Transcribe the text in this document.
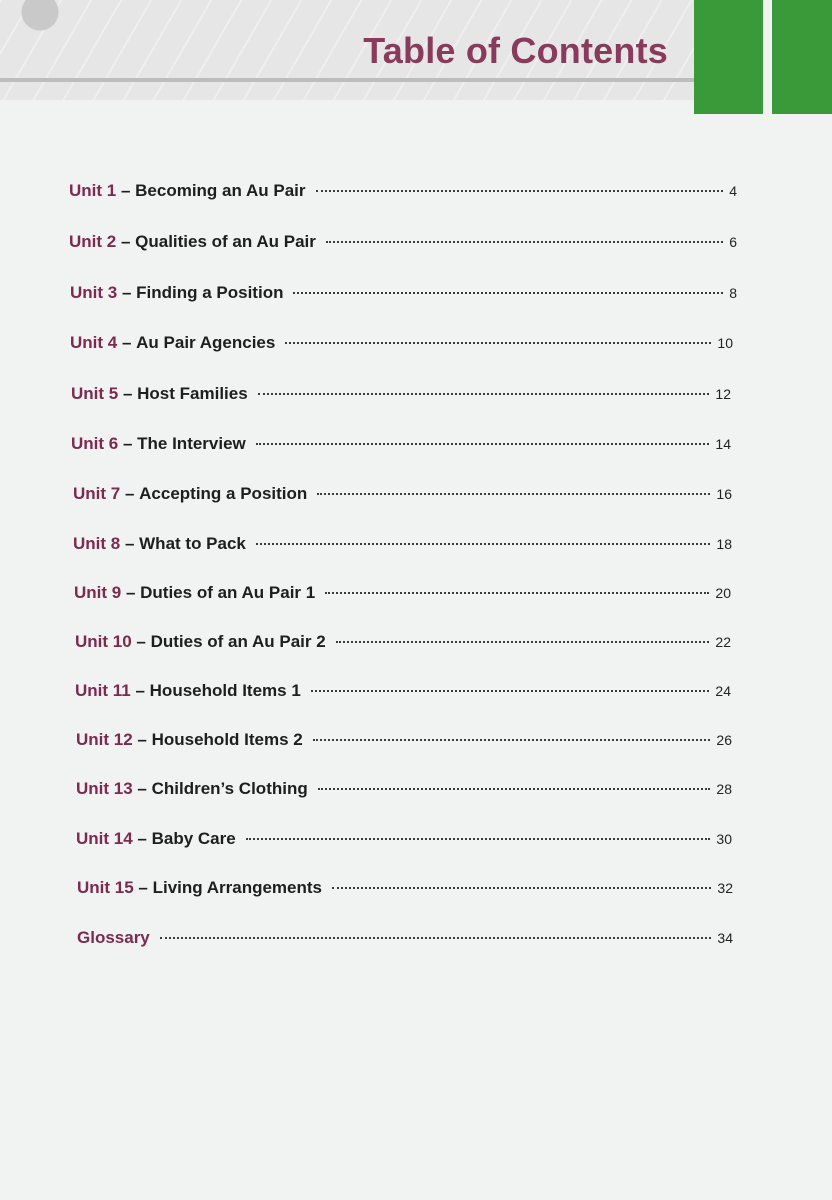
Table of Contents
Unit 1 – Becoming an Au Pair	4
Unit 2 – Qualities of an Au Pair	6
Unit 3 – Finding a Position	8
Unit 4 – Au Pair Agencies	10
Unit 5 – Host Families	12
Unit 6 – The Interview	14
Unit 7 – Accepting a Position	16
Unit 8 – What to Pack	18
Unit 9 – Duties of an Au Pair 1	20
Unit 10 – Duties of an Au Pair 2	22
Unit 11 – Household Items 1	24
Unit 12 – Household Items 2	26
Unit 13 – Children’s Clothing	28
Unit 14 – Baby Care	30
Unit 15 – Living Arrangements	32
Glossary	34
